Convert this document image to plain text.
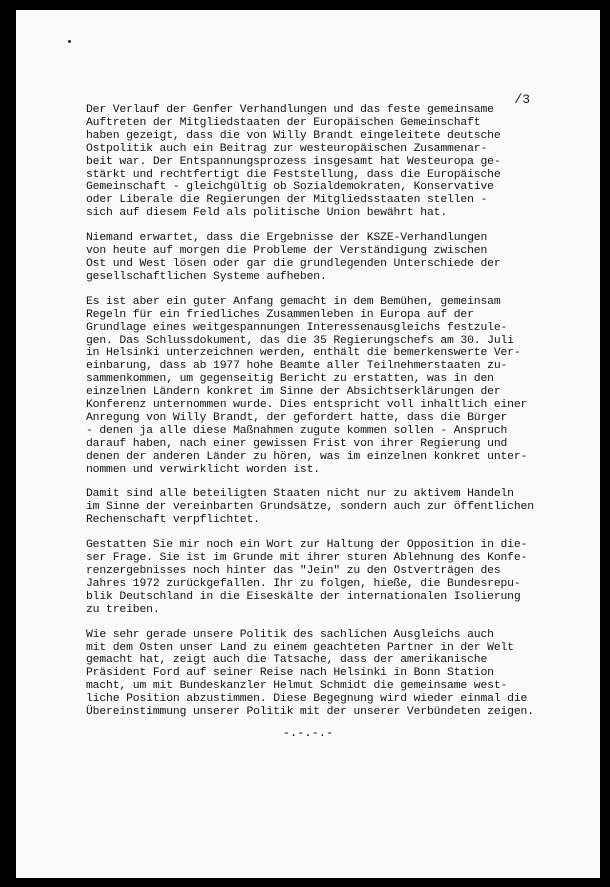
/3
Der Verlauf der Genfer Verhandlungen und das feste gemeinsame
Auftreten der Mitgliedstaaten der Europäischen Gemeinschaft
haben gezeigt, dass die von Willy Brandt eingeleitete deutsche
Ostpolitik auch ein Beitrag zur westeuropäischen Zusammenar-
beit war. Der Entspannungsprozess insgesamt hat Westeuropa ge-
stärkt und rechtfertigt die Feststellung, dass die Europäische
Gemeinschaft - gleichgültig ob Sozialdemokraten, Konservative
oder Liberale die Regierungen der Mitgliedsstaaten stellen -
sich auf diesem Feld als politische Union bewährt hat.
Niemand erwartet, dass die Ergebnisse der KSZE-Verhandlungen
von heute auf morgen die Probleme der Verständigung zwischen
Ost und West lösen oder gar die grundlegenden Unterschiede der
gesellschaftlichen Systeme aufheben.
Es ist aber ein guter Anfang gemacht in dem Bemühen, gemeinsam
Regeln für ein friedliches Zusammenleben in Europa auf der
Grundlage eines weitgespannungen Interessenausgleichs festzule-
gen. Das Schlussdokument, das die 35 Regierungschefs am 30. Juli
in Helsinki unterzeichnen werden, enthält die bemerkenswerte Ver-
einbarung, dass ab 1977 hohe Beamte aller Teilnehmerstaaten zu-
sammenkommen, um gegenseitig Bericht zu erstatten, was in den
einzelnen Ländern konkret im Sinne der Absichtserklärungen der
Konferenz unternommen wurde. Dies entspricht voll inhaltlich einer
Anregung von Willy Brandt, der gefordert hatte, dass die Bürger
- denen ja alle diese Maßnahmen zugute kommen sollen - Anspruch
darauf haben, nach einer gewissen Frist von ihrer Regierung und
denen der anderen Länder zu hören, was im einzelnen konkret unter-
nommen und verwirklicht worden ist.
Damit sind alle beteiligten Staaten nicht nur zu aktivem Handeln
im Sinne der vereinbarten Grundsätze, sondern auch zur öffentlichen
Rechenschaft verpflichtet.
Gestatten Sie mir noch ein Wort zur Haltung der Opposition in die-
ser Frage. Sie ist im Grunde mit ihrer sturen Ablehnung des Konfe-
renzergebnisses noch hinter das "Jein" zu den Ostverträgen des
Jahres 1972 zurückgefallen. Ihr zu folgen, hieße, die Bundesrepu-
blik Deutschland in die Eiseskälte der internationalen Isolierung
zu treiben.
Wie sehr gerade unsere Politik des sachlichen Ausgleichs auch
mit dem Osten unser Land zu einem geachteten Partner in der Welt
gemacht hat, zeigt auch die Tatsache, dass der amerikanische
Präsident Ford auf seiner Reise nach Helsinki in Bonn Station
macht, um mit Bundeskanzler Helmut Schmidt die gemeinsame west-
liche Position abzustimmen. Diese Begegnung wird wieder einmal die
Übereinstimmung unserer Politik mit der unserer Verbündeten zeigen.
-.-.-.-
